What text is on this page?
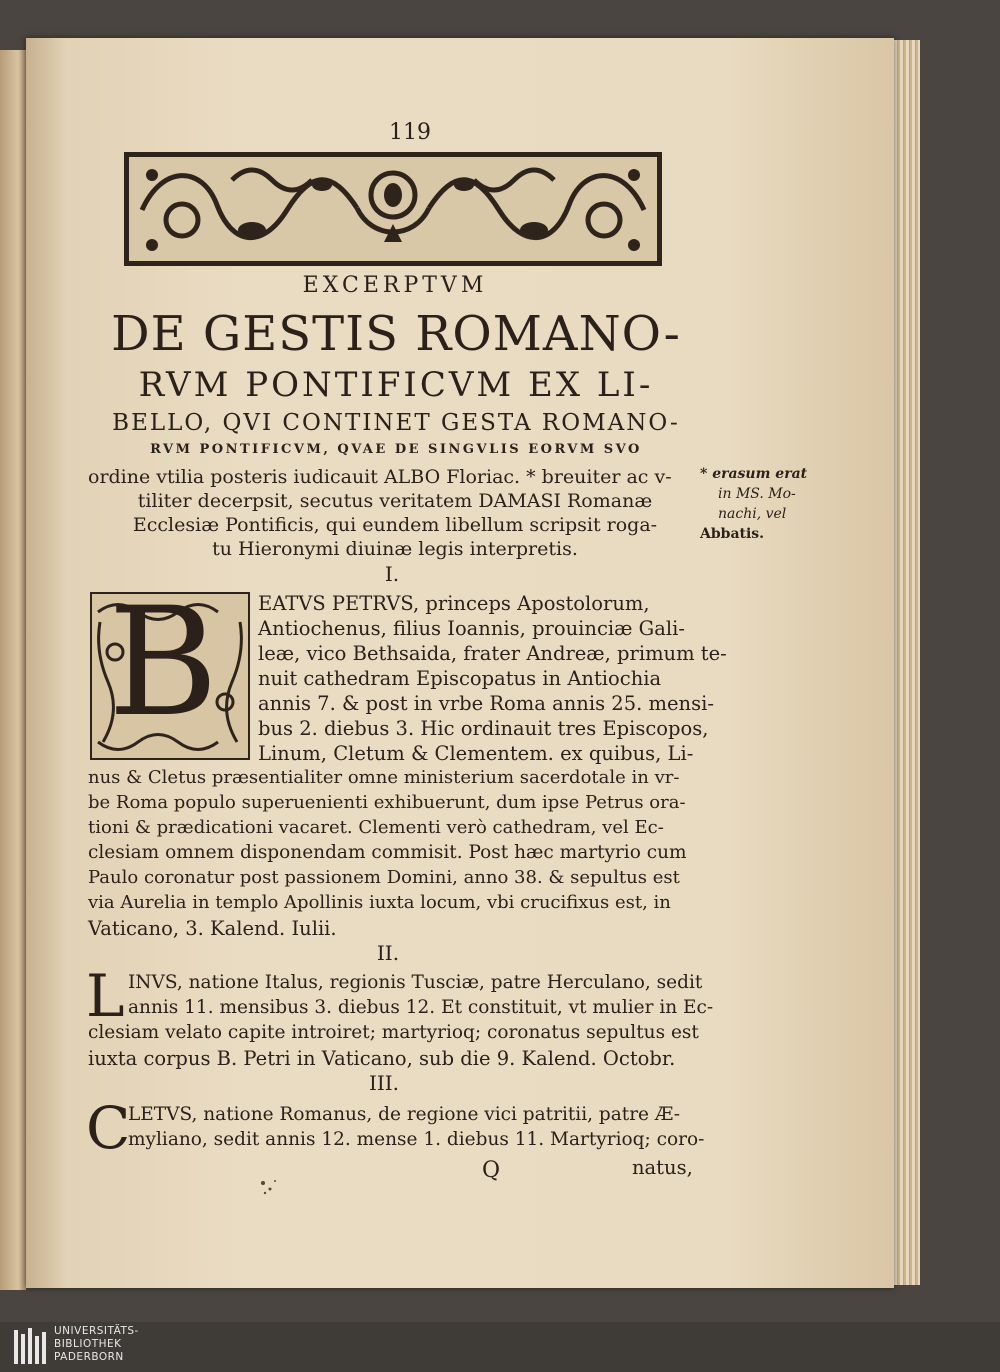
119
EXCERPTVM
DE GESTIS ROMANO-
RVM PONTIFICVM EX LI-
BELLO, QVI CONTINET GESTA ROMANO-
RVM PONTIFICVM, QVAE DE SINGVLIS EORVM SVO
ordine vtilia posteris iudicauit ALBO Floriac. * breuiter ac v-
tiliter decerpsit, secutus veritatem DAMASI Romanæ
Ecclesiæ Pontificis, qui eundem libellum scripsit roga-
tu Hieronymi diuinæ legis interpretis.
* erasum erat
in MS. Mo-
nachi, vel
Abbatis.
I.
B EATVS PETRVS, princeps Apostolorum,
Antiochenus, filius Ioannis, prouinciæ Gali-
leæ, vico Bethsaida, frater Andreæ, primum te-
nuit cathedram Episcopatus in Antiochia
annis 7. & post in vrbe Roma annis 25. mensi-
bus 2. diebus 3. Hic ordinauit tres Episcopos,
Linum, Cletum & Clementem. ex quibus, Li-
nus & Cletus præsentialiter omne ministerium sacerdotale in vr-
be Roma populo superuenienti exhibuerunt, dum ipse Petrus ora-
tioni & prædicationi vacaret. Clementi verò cathedram, vel Ec-
clesiam omnem disponendam commisit. Post hæc martyrio cum
Paulo coronatur post passionem Domini, anno 38. & sepultus est
via Aurelia in templo Apollinis iuxta locum, vbi crucifixus est, in
Vaticano, 3. Kalend. Iulii.
II.
L INVS, natione Italus, regionis Tusciæ, patre Herculano, sedit
annis 11. mensibus 3. diebus 12. Et constituit, vt mulier in Ec-
clesiam velato capite introiret; martyrioq; coronatus sepultus est
iuxta corpus B. Petri in Vaticano, sub die 9. Kalend. Octobr.
III.
C
LETVS, natione Romanus, de regione vici patritii, patre Æ-
myliano, sedit annis 12. mense 1. diebus 11. Martyrioq; coro-
Q	natus,
UNIVERSITÄTS-
BIBLIOTHEK
PADERBORN
